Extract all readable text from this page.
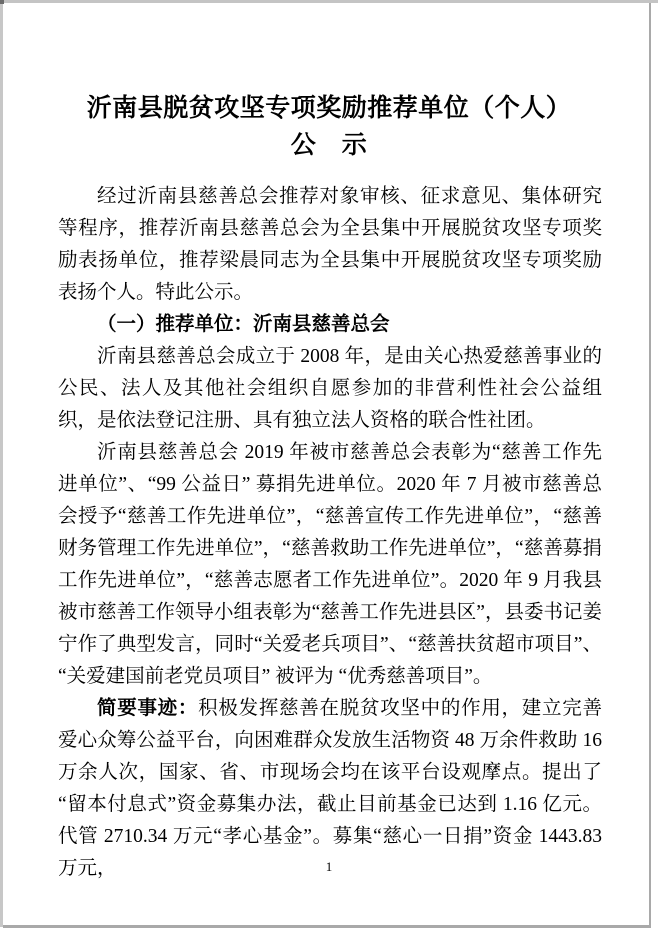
沂南县脱贫攻坚专项奖励推荐单位（个人）
公　示

经过沂南县慈善总会推荐对象审核、征求意见、集体研究等程序，推荐沂南县慈善总会为全县集中开展脱贫攻坚专项奖励表扬单位，推荐梁晨同志为全县集中开展脱贫攻坚专项奖励表扬个人。特此公示。

（一）推荐单位：沂南县慈善总会

沂南县慈善总会成立于 2008 年，是由关心热爱慈善事业的公民、法人及其他社会组织自愿参加的非营利性社会公益组织，是依法登记注册、具有独立法人资格的联合性社团。

沂南县慈善总会 2019 年被市慈善总会表彰为“慈善工作先进单位”、“99 公益日” 募捐先进单位。2020 年 7 月被市慈善总会授予“慈善工作先进单位”，“慈善宣传工作先进单位”，“慈善财务管理工作先进单位”，“慈善救助工作先进单位”，“慈善募捐工作先进单位”，“慈善志愿者工作先进单位”。2020 年 9 月我县被市慈善工作领导小组表彰为“慈善工作先进县区”，县委书记姜宁作了典型发言，同时“关爱老兵项目”、“慈善扶贫超市项目”、“关爱建国前老党员项目” 被评为 “优秀慈善项目”。

简要事迹：积极发挥慈善在脱贫攻坚中的作用，建立完善爱心众筹公益平台，向困难群众发放生活物资 48 万余件救助 16 万余人次，国家、省、市现场会均在该平台设观摩点。提出了“留本付息式”资金募集办法，截止目前基金已达到 1.16 亿元。代管 2710.34 万元“孝心基金”。募集“慈心一日捐”资金 1443.83 万元，	1
